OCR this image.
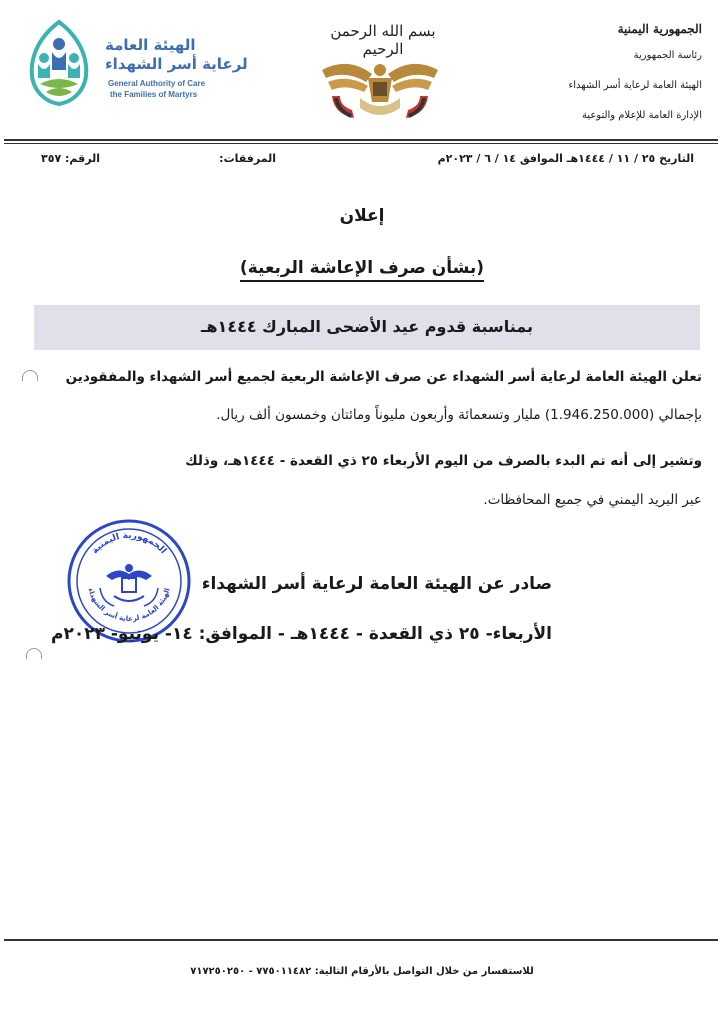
الهيئة العامة
لرعاية أسر الشهداء
General Authority of Care
the Families of Martyrs
بسم الله الرحمن الرحيم
الجمهورية اليمنية
رئاسة الجمهورية
الهيئة العامة لرعاية أسر الشهداء
الإدارة العامة للإعلام والتوعية
التاريخ ٢٥ / ١١ / ١٤٤٤هـ الموافق ١٤ / ٦ / ٢٠٢٣م
المرفقات:
الرقم: ٣٥٧
إعلان
(بشأن صرف الإعاشة الربعية)
بمناسبة قدوم عيد الأضحى المبارك ١٤٤٤هـ
تعلن الهيئة العامة لرعاية أسر الشهداء عن صرف الإعاشة الربعية لجميع أسر الشهداء والمفقودين
بإجمالي (1.946.250.000) مليار وتسعمائة وأربعون مليوناً ومائتان وخمسون ألف ريال.
وتشير إلى أنه تم البدء بالصرف من اليوم الأربعاء ٢٥ ذي القعدة - ١٤٤٤هـ، وذلك
عبر البريد اليمني في جميع المحافظات.
الجمهورية اليمنية
الهيئة العامة لرعاية أسر الشهداء صادر عن الهيئة العامة لرعاية أسر الشهداء
الأربعاء- ٢٥ ذي القعدة - ١٤٤٤هـ - الموافق: ١٤- يونيو- ٢٠٢٣م
للاستفسار من خلال التواصل بالأرقام التالية: ٧٧٥٠١١٤٨٢ - ٧١٧٢٥٠٢٥٠
